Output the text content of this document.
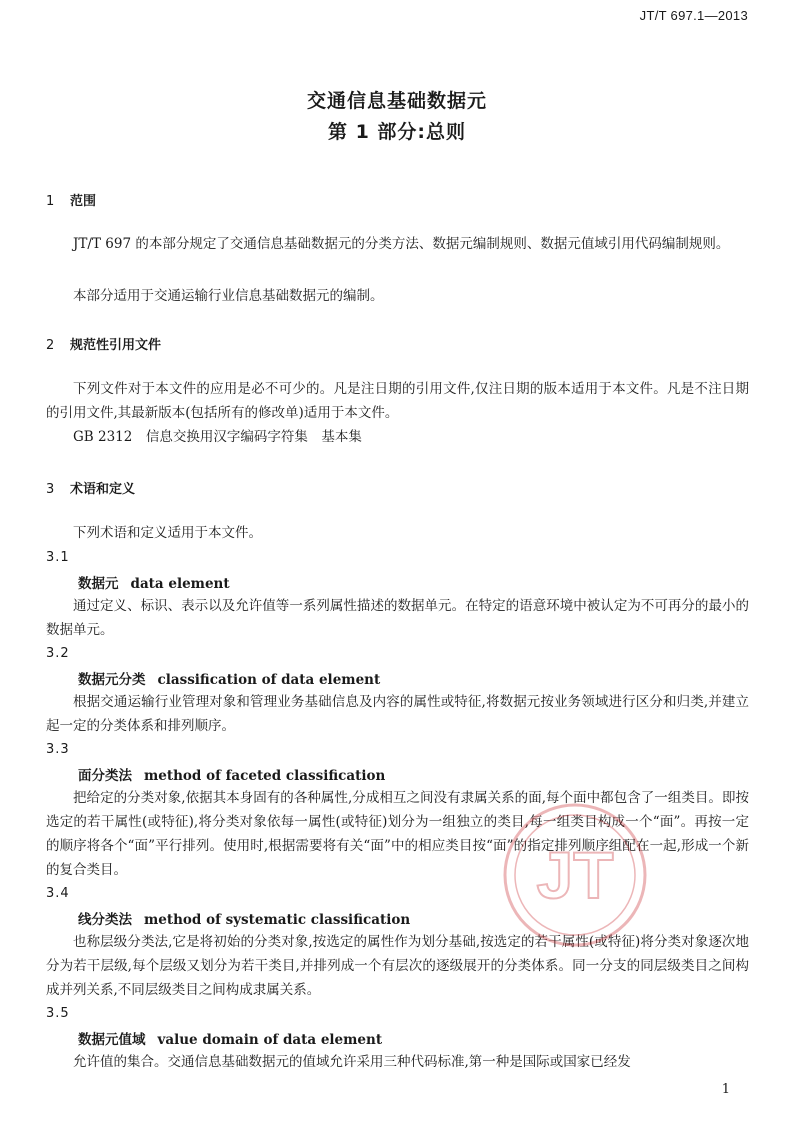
JT/T 697.1—2013
交通信息基础数据元
第 1 部分:总则
1 范围

JT/T 697 的本部分规定了交通信息基础数据元的分类方法、数据元编制规则、数据元值域引用代码编制规则。

本部分适用于交通运输行业信息基础数据元的编制。

2 规范性引用文件

下列文件对于本文件的应用是必不可少的。凡是注日期的引用文件,仅注日期的版本适用于本文件。凡是不注日期的引用文件,其最新版本(包括所有的修改单)适用于本文件。

GB 2312　信息交换用汉字编码字符集　基本集

3 术语和定义

下列术语和定义适用于本文件。

3.1
数据元 data element

通过定义、标识、表示以及允许值等一系列属性描述的数据单元。在特定的语意环境中被认定为不可再分的最小的数据单元。

3.2
数据元分类 classification of data element

根据交通运输行业管理对象和管理业务基础信息及内容的属性或特征,将数据元按业务领域进行区分和归类,并建立起一定的分类体系和排列顺序。

3.3
面分类法 method of faceted classification

把给定的分类对象,依据其本身固有的各种属性,分成相互之间没有隶属关系的面,每个面中都包含了一组类目。即按选定的若干属性(或特征),将分类对象依每一属性(或特征)划分为一组独立的类目,每一组类目构成一个“面”。再按一定的顺序将各个“面”平行排列。使用时,根据需要将有关“面”中的相应类目按“面”的指定排列顺序组配在一起,形成一个新的复合类目。

3.4
线分类法 method of systematic classification

也称层级分类法,它是将初始的分类对象,按选定的属性作为划分基础,按选定的若干属性(或特征)将分类对象逐次地分为若干层级,每个层级又划分为若干类目,并排列成一个有层次的逐级展开的分类体系。同一分支的同层级类目之间构成并列关系,不同层级类目之间构成隶属关系。

3.5
数据元值域 value domain of data element

允许值的集合。交通信息基础数据元的值域允许采用三种代码标准,第一种是国际或国家已经发

JT
1
